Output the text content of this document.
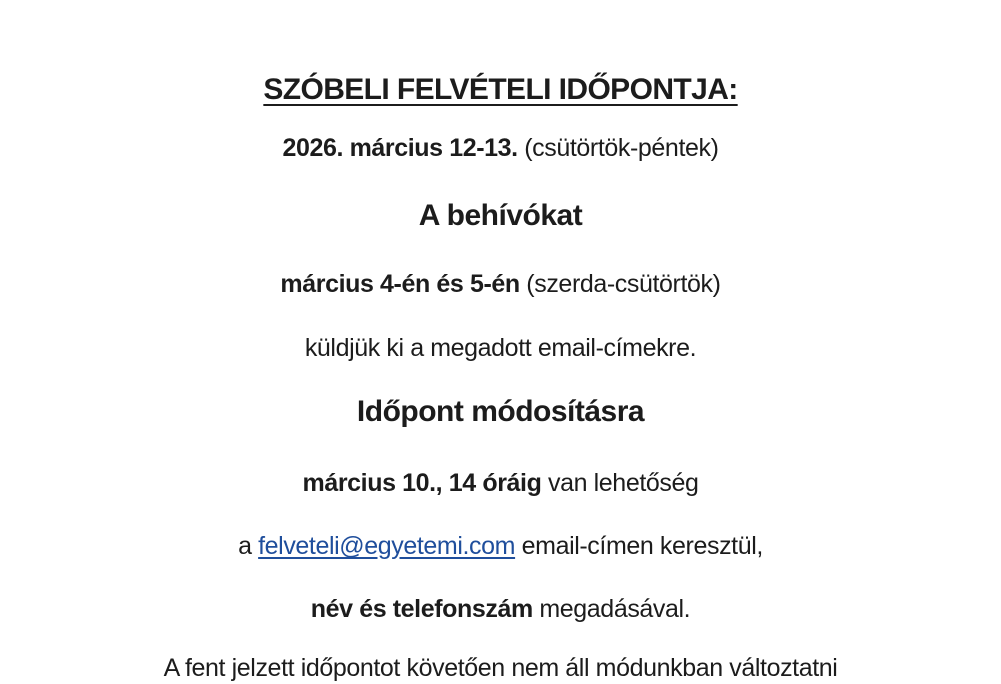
SZÓBELI FELVÉTELI IDŐPONTJA:
2026. március 12-13. (csütörtök-péntek)
A behívókat
március 4-én és 5-én (szerda-csütörtök)
küldjük ki a megadott email-címekre.
Időpont módosításra
március 10., 14 óráig van lehetőség
a felveteli@egyetemi.com email-címen keresztül,
név és telefonszám megadásával.
A fent jelzett időpontot követően nem áll módunkban változtatni
